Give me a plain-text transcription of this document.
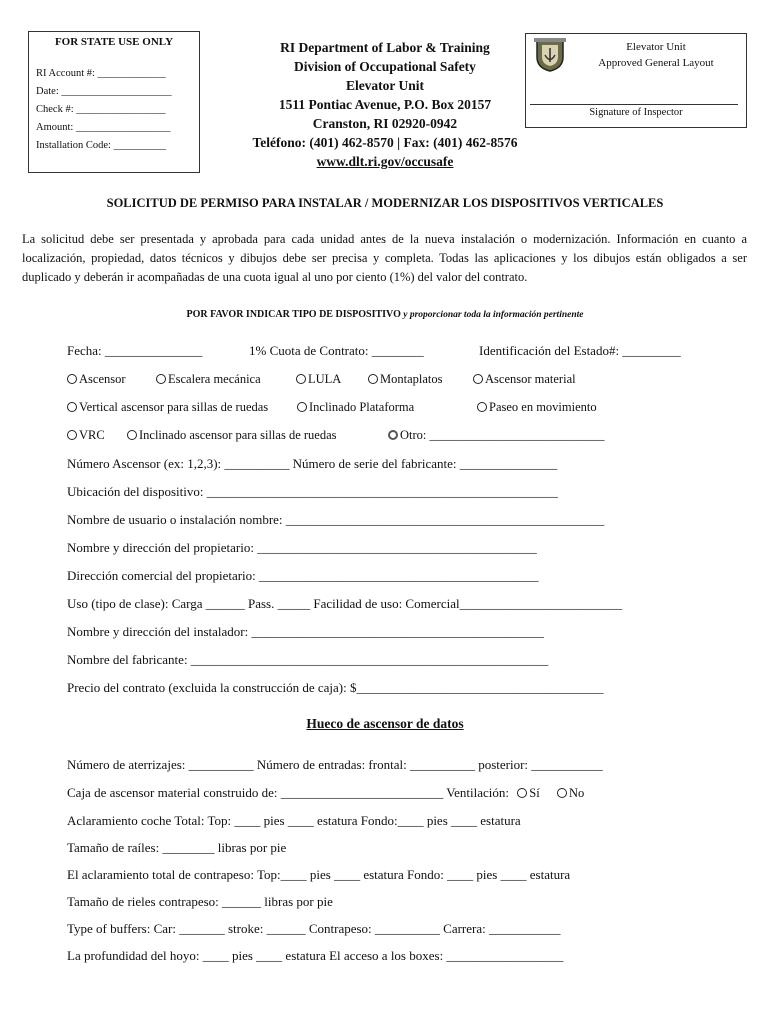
FOR STATE USE ONLY
RI Account #: _____________
Date: _____________________
Check #: _________________
Amount: __________________
Installation Code: __________
RI Department of Labor & Training
Division of Occupational Safety
Elevator Unit
1511 Pontiac Avenue, P.O. Box 20157
Cranston, RI 02920-0942
Teléfono: (401) 462-8570 | Fax: (401) 462-8576
www.dlt.ri.gov/occusafe
Elevator Unit
Approved General Layout
Signature of Inspector
SOLICITUD DE PERMISO PARA INSTALAR / MODERNIZAR LOS DISPOSITIVOS VERTICALES
La solicitud debe ser presentada y aprobada para cada unidad antes de la nueva instalación o modernización. Información en cuanto a localización, propiedad, datos técnicos y dibujos debe ser precisa y completa. Todas las aplicaciones y los dibujos están obligados a ser duplicado y deberán ir acompañadas de una cuota igual al uno por ciento (1%) del valor del contrato.
POR FAVOR INDICAR TIPO DE DISPOSITIVO y proporcionar toda la información pertinente
Fecha: _______________	1% Cuota de Contrato: ________	Identificación del Estado#: _________
Ascensor	Escalera mecánica	LULA	Montaplatos	Ascensor material
Vertical ascensor para sillas de ruedas	Inclinado Plataforma	Paseo en movimiento
VRC	Inclinado ascensor para sillas de ruedas	Otro: ____________________________
Número Ascensor (ex: 1,2,3): __________ Número de serie del fabricante: _______________
Ubicación del dispositivo: ______________________________________________________
Nombre de usuario o instalación nombre: _________________________________________________
Nombre y dirección del propietario: ___________________________________________
Dirección comercial del propietario: ___________________________________________
Uso (tipo de clase): Carga ______ Pass. _____ Facilidad de uso: Comercial_________________________
Nombre y dirección del instalador: _____________________________________________
Nombre del fabricante: _______________________________________________________
Precio del contrato (excluida la construcción de caja): $______________________________________
Hueco de ascensor de datos
Número de aterrizajes: __________ Número de entradas: frontal: __________ posterior: ___________
Caja de ascensor material construido de: _________________________ Ventilación: Sí No
Aclaramiento coche Total: Top: ____ pies ____ estatura Fondo:____ pies ____ estatura
Tamaño de raíles: ________ libras por pie
El aclaramiento total de contrapeso: Top:____ pies ____ estatura Fondo: ____ pies ____ estatura
Tamaño de rieles contrapeso: ______ libras por pie
Type of buffers: Car: _______ stroke: ______ Contrapeso: __________ Carrera: ___________
La profundidad del hoyo: ____ pies ____ estatura El acceso a los boxes: __________________
